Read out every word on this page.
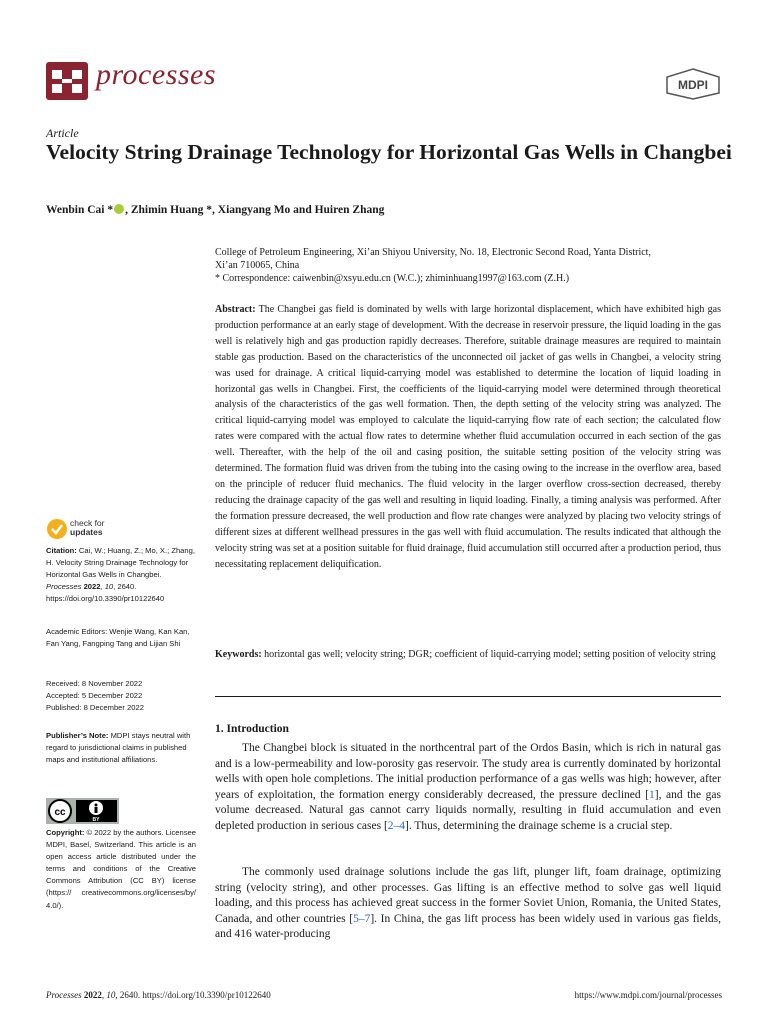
processes	MDPI
Article
Velocity String Drainage Technology for Horizontal Gas Wells in Changbei
Wenbin Cai * , Zhimin Huang *, Xiangyang Mo and Huiren Zhang
College of Petroleum Engineering, Xi’an Shiyou University, No. 18, Electronic Second Road, Yanta District,
Xi’an 710065, China
* Correspondence: caiwenbin@xsyu.edu.cn (W.C.); zhiminhuang1997@163.com (Z.H.)
Abstract: The Changbei gas field is dominated by wells with large horizontal displacement, which have exhibited high gas production performance at an early stage of development. With the decrease in reservoir pressure, the liquid loading in the gas well is relatively high and gas production rapidly decreases. Therefore, suitable drainage measures are required to maintain stable gas production. Based on the characteristics of the unconnected oil jacket of gas wells in Changbei, a velocity string was used for drainage. A critical liquid-carrying model was established to determine the location of liquid loading in horizontal gas wells in Changbei. First, the coefficients of the liquid-carrying model were determined through theoretical analysis of the characteristics of the gas well formation. Then, the depth setting of the velocity string was analyzed. The critical liquid-carrying model was employed to calculate the liquid-carrying flow rate of each section; the calculated flow rates were compared with the actual flow rates to determine whether fluid accumulation occurred in each section of the gas well. Thereafter, with the help of the oil and casing position, the suitable setting position of the velocity string was determined. The formation fluid was driven from the tubing into the casing owing to the increase in the overflow area, based on the principle of reducer fluid mechanics. The fluid velocity in the larger overflow cross-section decreased, thereby reducing the drainage capacity of the gas well and resulting in liquid loading. Finally, a timing analysis was performed. After the formation pressure decreased, the well production and flow rate changes were analyzed by placing two velocity strings of different sizes at different wellhead pressures in the gas well with fluid accumulation. The results indicated that although the velocity string was set at a position suitable for fluid drainage, fluid accumulation still occurred after a production period, thus necessitating replacement deliquification.
Keywords: horizontal gas well; velocity string; DGR; coefficient of liquid-carrying model; setting position of velocity string
1. Introduction
The Changbei block is situated in the northcentral part of the Ordos Basin, which is rich in natural gas and is a low-permeability and low-porosity gas reservoir. The study area is currently dominated by horizontal wells with open hole completions. The initial production performance of a gas wells was high; however, after years of exploitation, the formation energy considerably decreased, the pressure declined [1], and the gas volume decreased. Natural gas cannot carry liquids normally, resulting in fluid accumulation and even depleted production in serious cases [2–4]. Thus, determining the drainage scheme is a crucial step.
The commonly used drainage solutions include the gas lift, plunger lift, foam drainage, optimizing string (velocity string), and other processes. Gas lifting is an effective method to solve gas well liquid loading, and this process has achieved great success in the former Soviet Union, Romania, the United States, Canada, and other countries [5–7]. In China, the gas lift process has been widely used in various gas fields, and 416 water-producing
check for
updates
Citation: Cai, W.; Huang, Z.; Mo, X.; Zhang, H. Velocity String Drainage Technology for Horizontal Gas Wells in Changbei. Processes 2022, 10, 2640. https://doi.org/10.3390/pr10122640
Academic Editors: Wenjie Wang, Kan Kan, Fan Yang, Fangping Tang and Lijian Shi
Received: 8 November 2022
Accepted: 5 December 2022
Published: 8 December 2022
Publisher’s Note: MDPI stays neutral with regard to jurisdictional claims in published maps and institutional affiliations.
cc
BY
Copyright: © 2022 by the authors. Licensee MDPI, Basel, Switzerland. This article is an open access article distributed under the terms and conditions of the Creative Commons Attribution (CC BY) license (https:// creativecommons.org/licenses/by/ 4.0/).
Processes 2022, 10, 2640. https://doi.org/10.3390/pr10122640	https://www.mdpi.com/journal/processes
